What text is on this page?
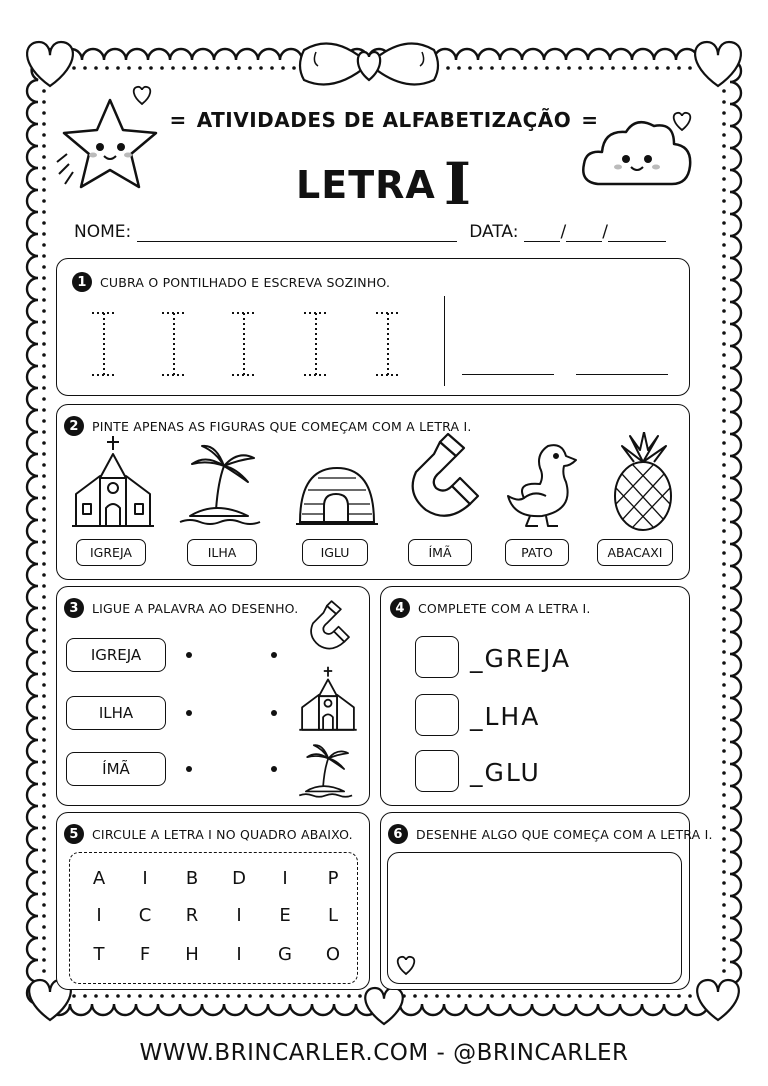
= ATIVIDADES DE ALFABETIZAÇÃO =
LETRA I
NOME:	DATA: / /
1	CUBRA O PONTILHADO E ESCREVA SOZINHO.
2	PINTE APENAS AS FIGURAS QUE COMEÇAM COM A LETRA I.
IGREJA	ILHA	IGLU	ÍMÃ	PATO	ABACAXI
3	LIGUE A PALAVRA AO DESENHO.
IGREJA
ILHA
ÍMÃ
4	COMPLETE COM A LETRA I.
_GREJA
_LHA
_GLU
5	CIRCULE A LETRA I NO QUADRO ABAIXO.
A	I	B	D	I	P
I	C	R	I	E	L
T	F	H	I	G	O
6	DESENHE ALGO QUE COMEÇA COM A LETRA I.
WWW.BRINCARLER.COM - @BRINCARLER
